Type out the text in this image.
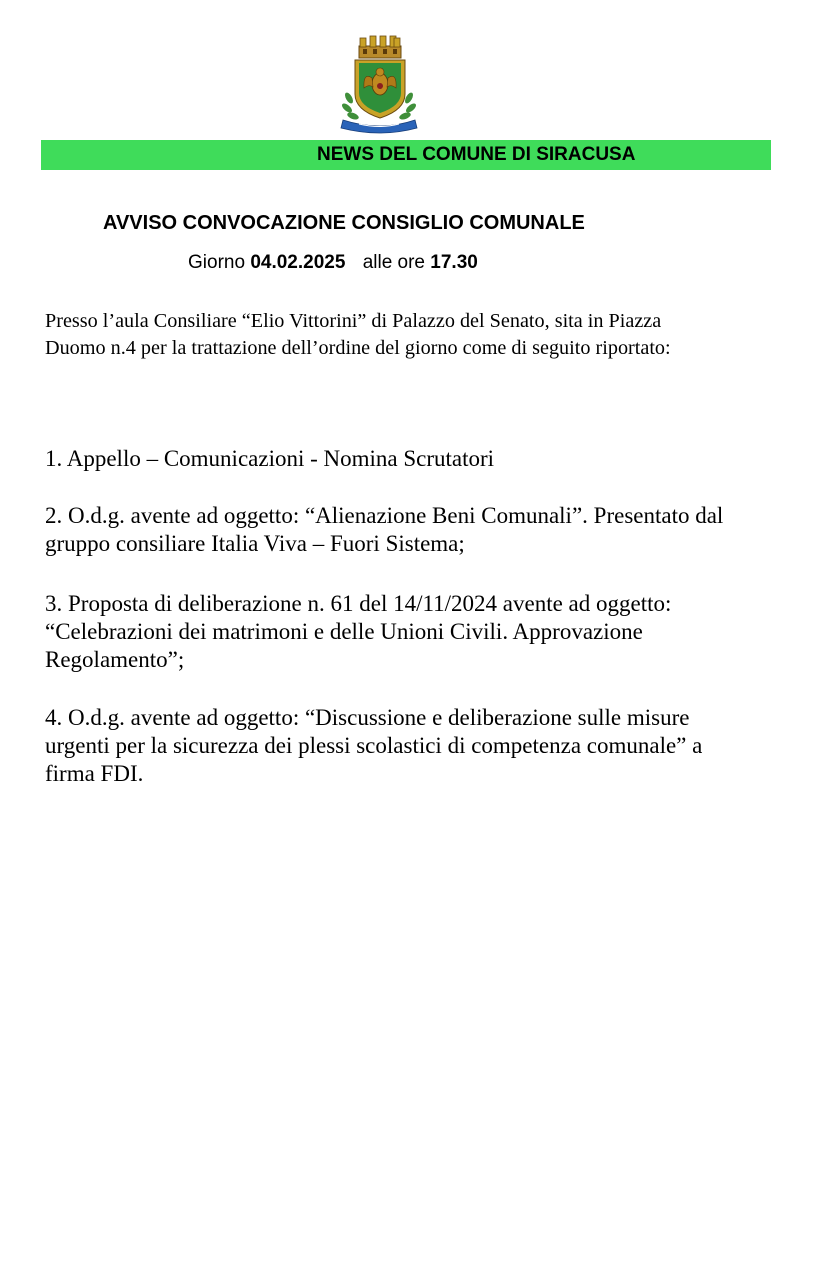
NEWS DEL COMUNE DI SIRACUSA
AVVISO CONVOCAZIONE CONSIGLIO COMUNALE
Giorno 04.02.2025 alle ore 17.30
Presso l’aula Consiliare “Elio Vittorini” di Palazzo del Senato, sita in Piazza
Duomo n.4 per la trattazione dell’ordine del giorno come di seguito riportato:
1. Appello – Comunicazioni - Nomina Scrutatori
2. O.d.g. avente ad oggetto: “Alienazione Beni Comunali”. Presentato dal
gruppo consiliare Italia Viva – Fuori Sistema;
3. Proposta di deliberazione n. 61 del 14/11/2024 avente ad oggetto:
“Celebrazioni dei matrimoni e delle Unioni Civili. Approvazione
Regolamento”;
4. O.d.g. avente ad oggetto: “Discussione e deliberazione sulle misure
urgenti per la sicurezza dei plessi scolastici di competenza comunale” a
firma FDI.
